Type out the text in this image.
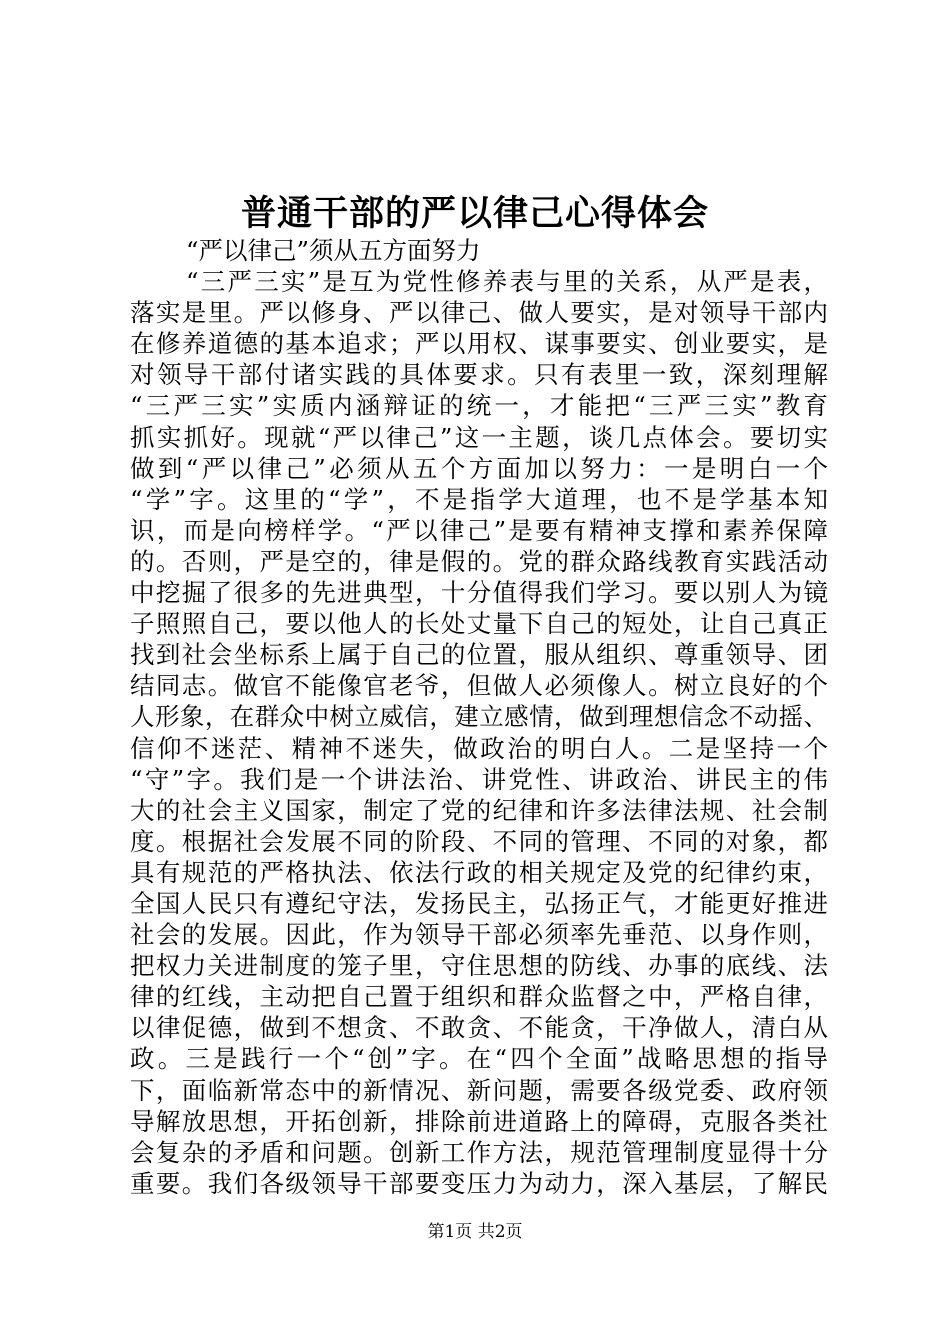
普通干部的严以律己心得体会
“严以律己”须从五方面努力
“三严三实”是互为党性修养表与里的关系，从严是表，
落实是里。严以修身、严以律己、做人要实，是对领导干部内
在修养道德的基本追求；严以用权、谋事要实、创业要实，是
对领导干部付诸实践的具体要求。只有表里一致，深刻理解
“三严三实”实质内涵辩证的统一，才能把“三严三实”教育
抓实抓好。现就“严以律己”这一主题，谈几点体会。要切实
做到“严以律己”必须从五个方面加以努力：一是明白一个
“学”字。这里的“学”，不是指学大道理，也不是学基本知
识，而是向榜样学。“严以律己”是要有精神支撑和素养保障
的。否则，严是空的，律是假的。党的群众路线教育实践活动
中挖掘了很多的先进典型，十分值得我们学习。要以别人为镜
子照照自己，要以他人的长处丈量下自己的短处，让自己真正
找到社会坐标系上属于自己的位置，服从组织、尊重领导、团
结同志。做官不能像官老爷，但做人必须像人。树立良好的个
人形象，在群众中树立威信，建立感情，做到理想信念不动摇、
信仰不迷茫、精神不迷失，做政治的明白人。二是坚持一个
“守”字。我们是一个讲法治、讲党性、讲政治、讲民主的伟
大的社会主义国家，制定了党的纪律和许多法律法规、社会制
度。根据社会发展不同的阶段、不同的管理、不同的对象，都
具有规范的严格执法、依法行政的相关规定及党的纪律约束，
全国人民只有遵纪守法，发扬民主，弘扬正气，才能更好推进
社会的发展。因此，作为领导干部必须率先垂范、以身作则，
把权力关进制度的笼子里，守住思想的防线、办事的底线、法
律的红线，主动把自己置于组织和群众监督之中，严格自律，
以律促德，做到不想贪、不敢贪、不能贪，干净做人，清白从
政。三是践行一个“创”字。在“四个全面”战略思想的指导
下，面临新常态中的新情况、新问题，需要各级党委、政府领
导解放思想，开拓创新，排除前进道路上的障碍，克服各类社
会复杂的矛盾和问题。创新工作方法，规范管理制度显得十分
重要。我们各级领导干部要变压力为动力，深入基层，了解民
第1页 共2页
